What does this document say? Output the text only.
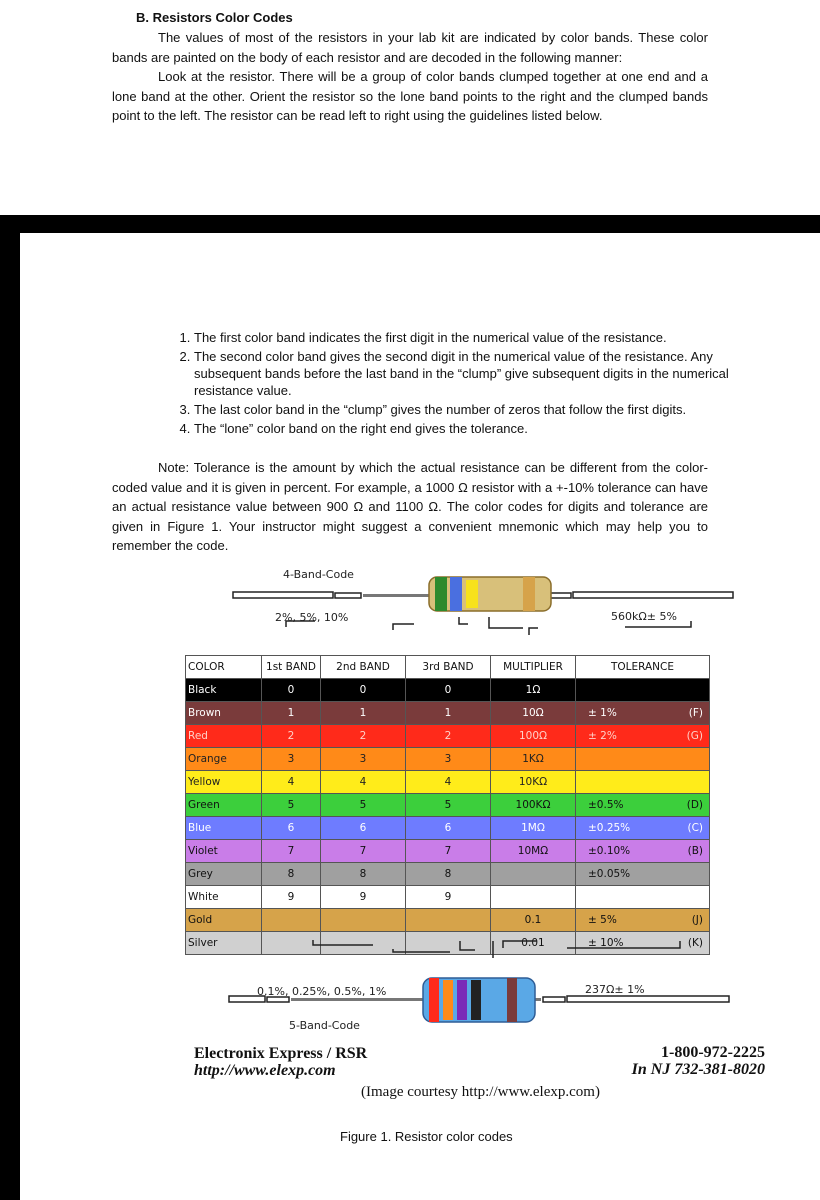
B. Resistors Color Codes
The values of most of the resistors in your lab kit are indicated by color bands. These color bands are painted on the body of each resistor and are decoded in the following manner:
Look at the resistor. There will be a group of color bands clumped together at one end and a lone band at the other. Orient the resistor so the lone band points to the right and the clumped bands point to the left. The resistor can be read left to right using the guidelines listed below.
1. The first color band indicates the first digit in the numerical value of the resistance.
2. The second color band gives the second digit in the numerical value of the resistance. Any subsequent bands before the last band in the “clump” give subsequent digits in the numerical resistance value.
3. The last color band in the “clump” gives the number of zeros that follow the first digits.
4. The “lone” color band on the right end gives the tolerance.
Note: Tolerance is the amount by which the actual resistance can be different from the color-coded value and it is given in percent. For example, a 1000 Ω resistor with a +-10% tolerance can have an actual resistance value between 900 Ω and 1100 Ω. The color codes for digits and tolerance are given in Figure 1. Your instructor might suggest a convenient mnemonic which may help you to remember the code.
4-Band-Code
2%, 5%, 10%	560kΩ± 5%
COLOR	1st BAND	2nd BAND	3rd BAND	MULTIPLIER	TOLERANCE
Black	0	0	0	1Ω	

Brown	1	1	1	10Ω	± 1% (F)

Red	2	2	2	100Ω	± 2% (G)

Orange	3	3	3	1KΩ	

Yellow	4	4	4	10KΩ	

Green	5	5	5	100KΩ	±0.5% (D)

Blue	6	6	6	1MΩ	±0.25% (C)

Violet	7	7	7	10MΩ	±0.10% (B)

Grey	8	8	8		±0.05%

White	9	9	9		

Gold				0.1	± 5% (J)

Silver				0.01	± 10% (K)
0.1%, 0.25%, 0.5%, 1%	237Ω± 1%
5-Band-Code
Electronix Express / RSR
http://www.elexp.com
1-800-972-2225
In NJ 732-381-8020
(Image courtesy http://www.elexp.com)
Figure 1. Resistor color codes
